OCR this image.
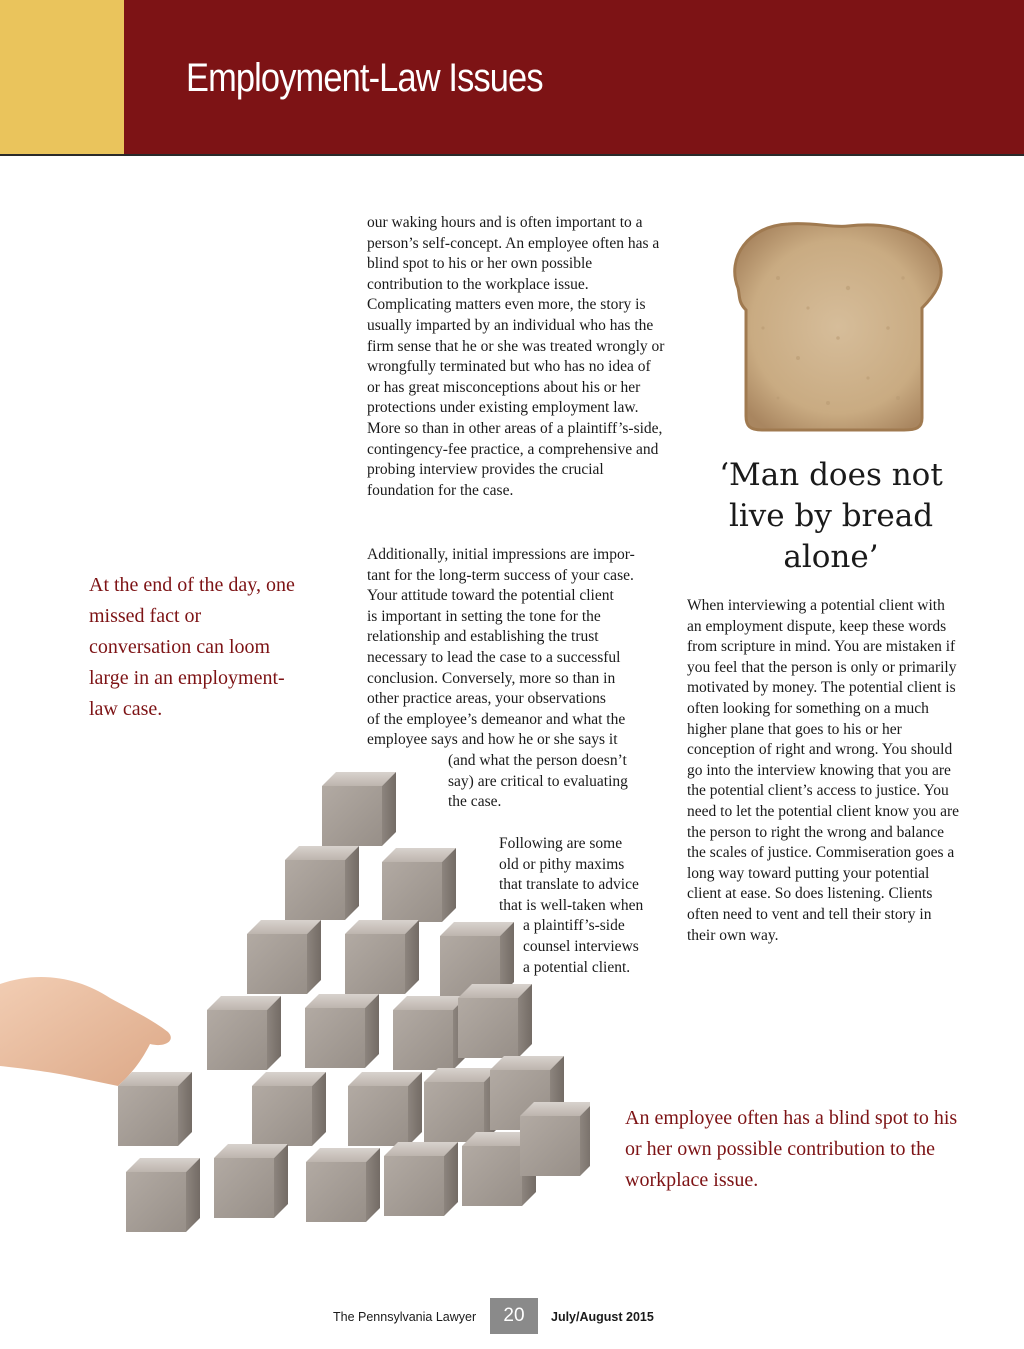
Employment-Law Issues

our waking hours and is often important to a person’s self-concept. An employee often has a blind spot to his or her own possible contribution to the workplace issue. Complicating matters even more, the story is usually imparted by an individual who has the firm sense that he or she was treated wrongly or wrongfully terminated but who has no idea of or has great misconceptions about his or her protections under existing employment law. More so than in other areas of a plaintiff’s-side, contingency-fee practice, a comprehensive and probing interview provides the crucial foundation for the case.

Additionally, initial impressions are impor-
tant for the long-term success of your case.
Your attitude toward the potential client
is important in setting the tone for the
relationship and establishing the trust
necessary to lead the case to a successful
conclusion. Conversely, more so than in
other practice areas, your observations
of the employee’s demeanor and what the
employee says and how he or she says it
(and what the person doesn’t
say) are critical to evaluating
the case.
Following are some
old or pithy maxims
that translate to advice
that is well-taken when
a plaintiff’s-side
counsel interviews
a potential client.
At the end of the day, one missed fact or conversation can loom large in an employment-law case.
‘Man does not live by bread alone’

When interviewing a potential client with an employment dispute, keep these words from scripture in mind. You are mistaken if you feel that the person is only or primarily motivated by money. The potential client is often looking for something on a much higher plane that goes to his or her conception of right and wrong. You should go into the interview knowing that you are the potential client’s access to justice. You need to let the potential client know you are the person to right the wrong and balance the scales of justice. Commiseration goes a long way toward putting your potential client at ease. So does listening. Clients often need to vent and tell their story in their own way.

An employee often has a blind spot to his or her own possible contribution to the workplace issue.
The Pennsylvania Lawyer	20	July/August 2015
